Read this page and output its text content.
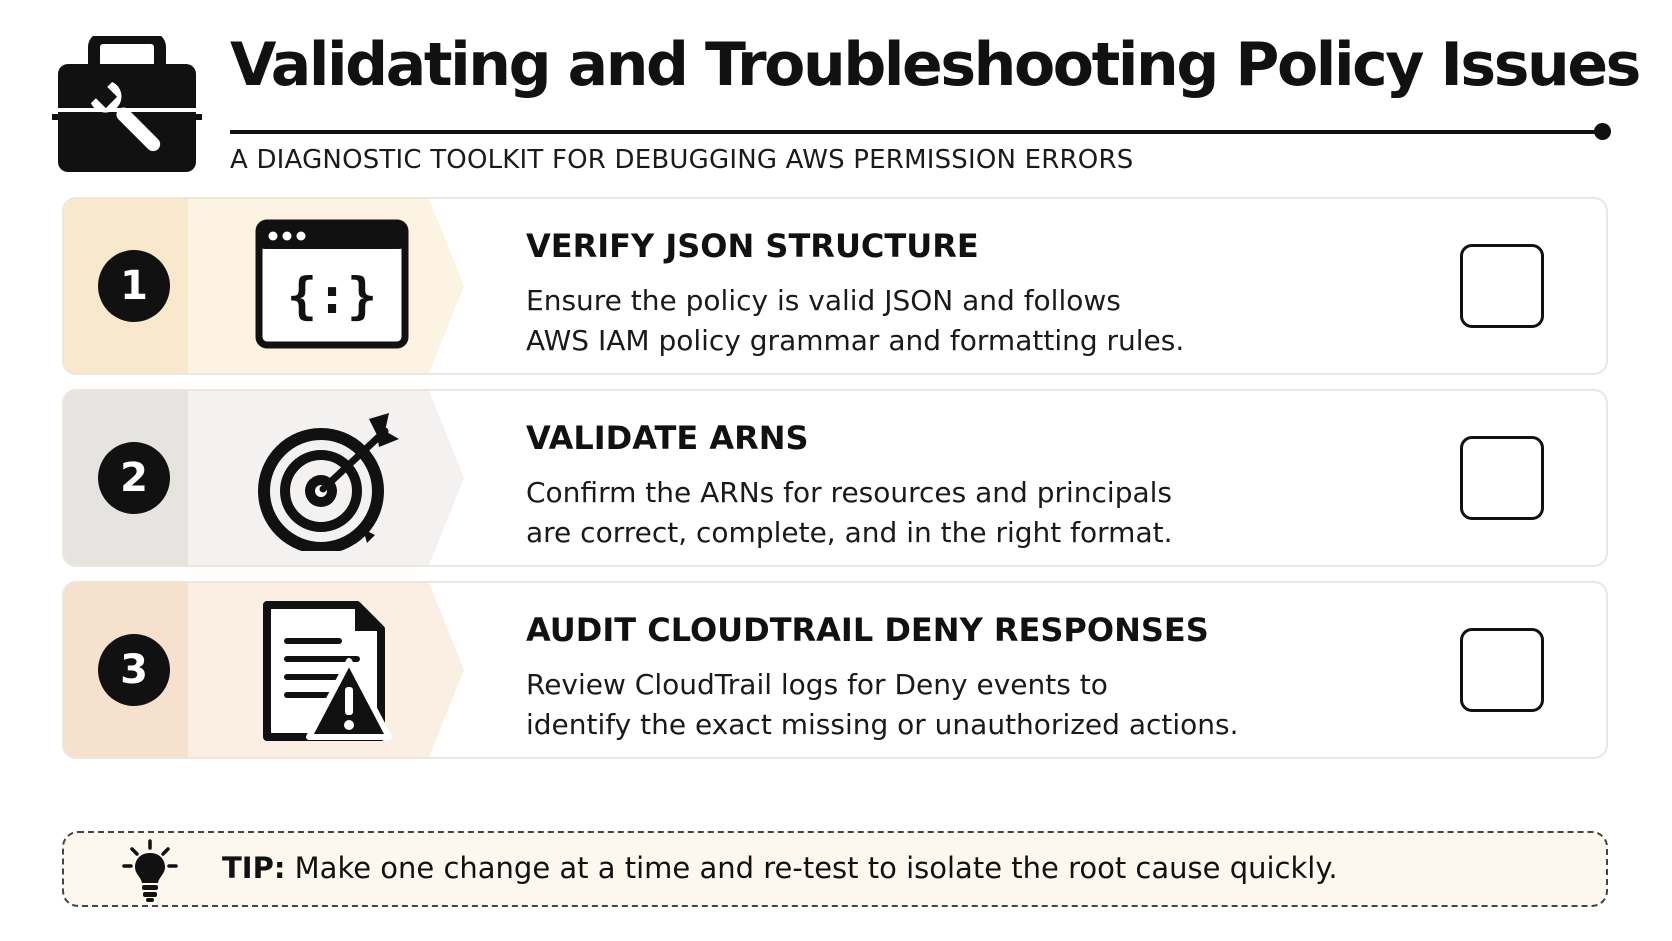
Validating and Troubleshooting Policy Issues

A DIAGNOSTIC TOOLKIT FOR DEBUGGING AWS PERMISSION ERRORS

1	{:}
VERIFY JSON STRUCTURE

Ensure the policy is valid JSON and follows
AWS IAM policy grammar and formatting rules.

2
VALIDATE ARNS

Confirm the ARNs for resources and principals
are correct, complete, and in the right format.

3
AUDIT CLOUDTRAIL DENY RESPONSES

Review CloudTrail logs for Deny events to
identify the exact missing or unauthorized actions.

TIP: Make one change at a time and re-test to isolate the root cause quickly.
